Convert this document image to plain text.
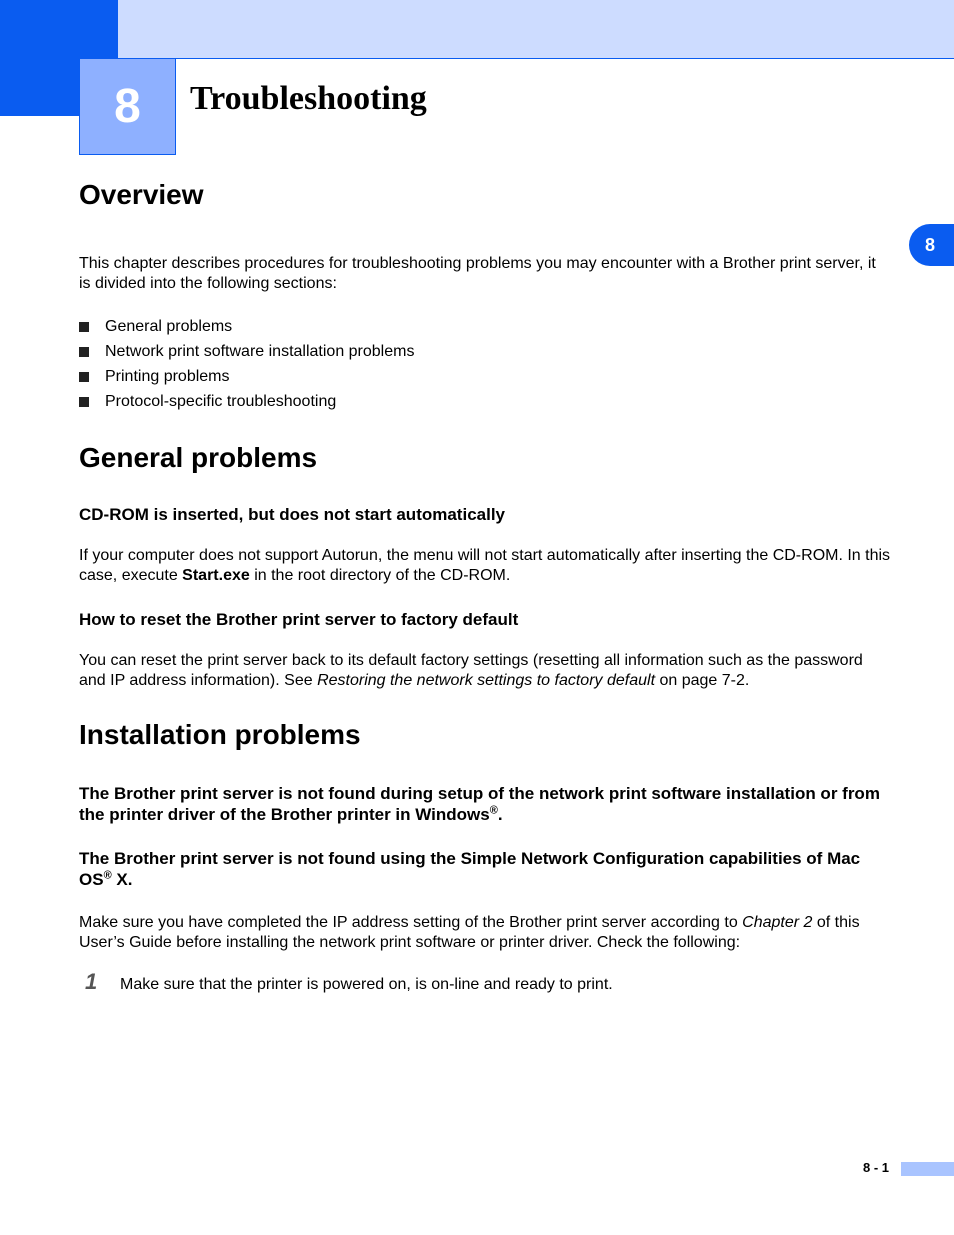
8	Troubleshooting
8
Overview

This chapter describes procedures for troubleshooting problems you may encounter with a Brother print server, it is divided into the following sections:

General problems
Network print software installation problems
Printing problems
Protocol-specific troubleshooting
General problems
CD-ROM is inserted, but does not start automatically

If your computer does not support Autorun, the menu will not start automatically after inserting the CD-ROM. In this case, execute Start.exe in the root directory of the CD-ROM.

How to reset the Brother print server to factory default

You can reset the print server back to its default factory settings (resetting all information such as the password and IP address information). See Restoring the network settings to factory default on page 7-2.

Installation problems
The Brother print server is not found during setup of the network print software installation or from the printer driver of the Brother printer in Windows®.
The Brother print server is not found using the Simple Network Configuration capabilities of Mac OS® X.

Make sure you have completed the IP address setting of the Brother print server according to Chapter 2 of this User’s Guide before installing the network print software or printer driver. Check the following:

1	Make sure that the printer is powered on, is on-line and ready to print.

8 - 1
